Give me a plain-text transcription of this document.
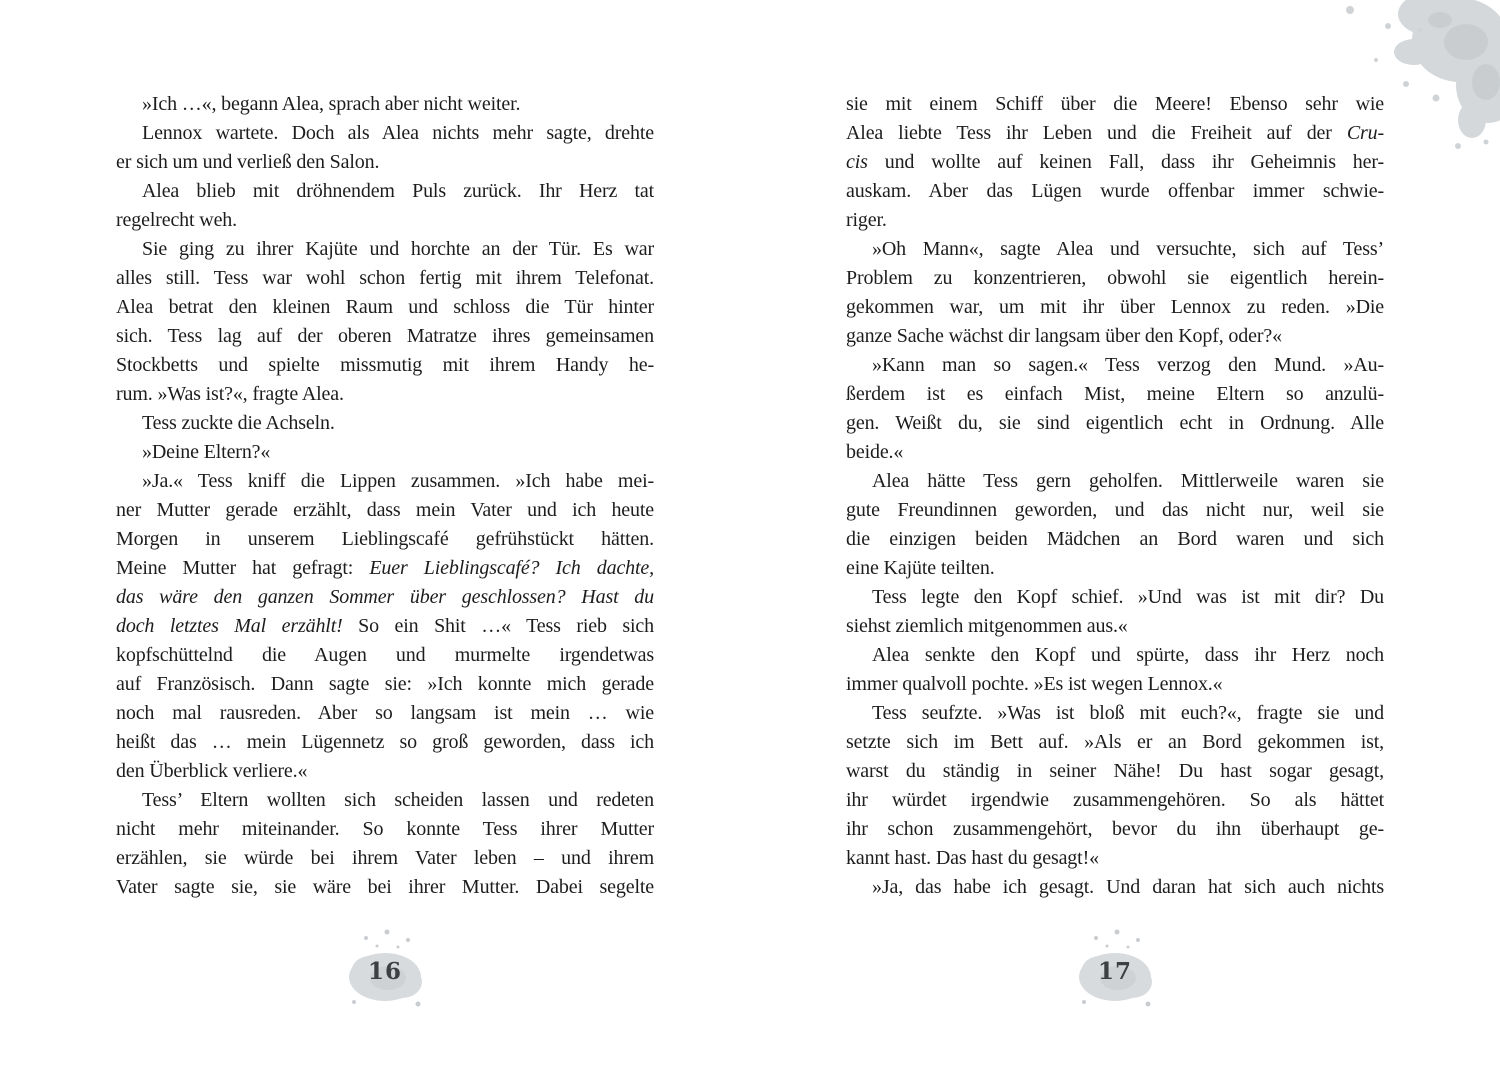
»Ich …«, begann Alea, sprach aber nicht weiter.
Lennox wartete. Doch als Alea nichts mehr sagte, drehte
er sich um und verließ den Salon.
Alea blieb mit dröhnendem Puls zurück. Ihr Herz tat
regelrecht weh.
Sie ging zu ihrer Kajüte und horchte an der Tür. Es war
alles still. Tess war wohl schon fertig mit ihrem Telefonat.
Alea betrat den kleinen Raum und schloss die Tür hinter
sich. Tess lag auf der oberen Matratze ihres gemeinsamen
Stockbetts und spielte missmutig mit ihrem Handy he-
rum. »Was ist?«, fragte Alea.
Tess zuckte die Achseln.
»Deine Eltern?«
»Ja.« Tess kniff die Lippen zusammen. »Ich habe mei-
ner Mutter gerade erzählt, dass mein Vater und ich heute
Morgen in unserem Lieblingscafé gefrühstückt hätten.
Meine Mutter hat gefragt: Euer Lieblingscafé? Ich dachte,
das wäre den ganzen Sommer über geschlossen? Hast du
doch letztes Mal erzählt! So ein Shit …« Tess rieb sich
kopfschüttelnd die Augen und murmelte irgendetwas
auf Französisch. Dann sagte sie: »Ich konnte mich gerade
noch mal rausreden. Aber so langsam ist mein … wie
heißt das … mein Lügennetz so groß geworden, dass ich
den Überblick verliere.«
Tess’ Eltern wollten sich scheiden lassen und redeten
nicht mehr miteinander. So konnte Tess ihrer Mutter
erzählen, sie würde bei ihrem Vater leben – und ihrem
Vater sagte sie, sie wäre bei ihrer Mutter. Dabei segelte
sie mit einem Schiff über die Meere! Ebenso sehr wie
Alea liebte Tess ihr Leben und die Freiheit auf der Cru-
cis und wollte auf keinen Fall, dass ihr Geheimnis her-
auskam. Aber das Lügen wurde offenbar immer schwie-
riger.
»Oh Mann«, sagte Alea und versuchte, sich auf Tess’
Problem zu konzentrieren, obwohl sie eigentlich herein-
gekommen war, um mit ihr über Lennox zu reden. »Die
ganze Sache wächst dir langsam über den Kopf, oder?«
»Kann man so sagen.« Tess verzog den Mund. »Au-
ßerdem ist es einfach Mist, meine Eltern so anzulü-
gen. Weißt du, sie sind eigentlich echt in Ordnung. Alle
beide.«
Alea hätte Tess gern geholfen. Mittlerweile waren sie
gute Freundinnen geworden, und das nicht nur, weil sie
die einzigen beiden Mädchen an Bord waren und sich
eine Kajüte teilten.
Tess legte den Kopf schief. »Und was ist mit dir? Du
siehst ziemlich mitgenommen aus.«
Alea senkte den Kopf und spürte, dass ihr Herz noch
immer qualvoll pochte. »Es ist wegen Lennox.«
Tess seufzte. »Was ist bloß mit euch?«, fragte sie und
setzte sich im Bett auf. »Als er an Bord gekommen ist,
warst du ständig in seiner Nähe! Du hast sogar gesagt,
ihr würdet irgendwie zusammengehören. So als hättet
ihr schon zusammengehört, bevor du ihn überhaupt ge-
kannt hast. Das hast du gesagt!«
»Ja, das habe ich gesagt. Und daran hat sich auch nichts
16	17
